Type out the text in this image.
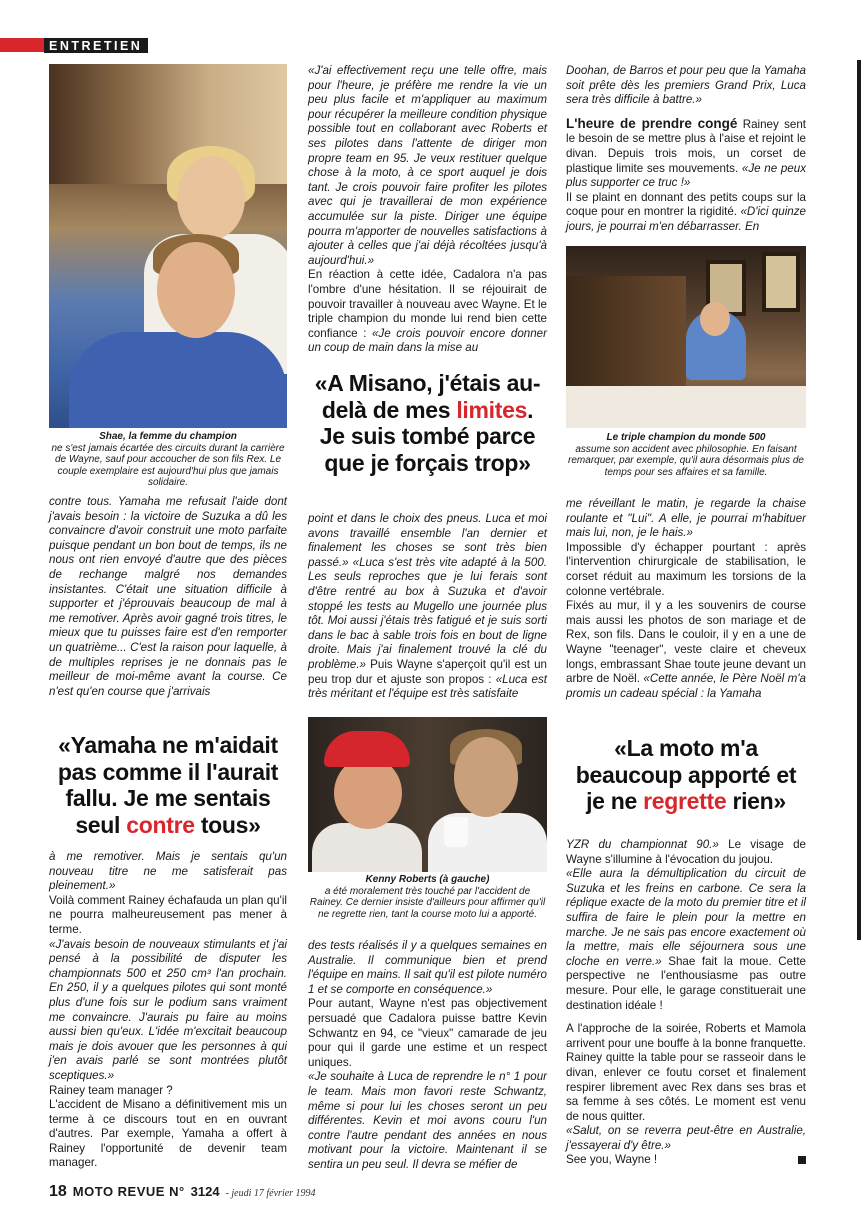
ENTRETIEN
Shae, la femme du champion
ne s'est jamais écartée des circuits durant la carrière de Wayne, sauf pour accoucher de son fils Rex. Le couple exemplaire est aujourd'hui plus que jamais solidaire.

contre tous. Yamaha me refusait l'aide dont j'avais besoin : la victoire de Suzuka a dû les convaincre d'avoir construit une moto parfaite puisque pendant un bon bout de temps, ils ne nous ont rien envoyé d'autre que des pièces de rechange malgré nos demandes insistantes. C'était une situation difficile à supporter et j'éprouvais beaucoup de mal à me remotiver. Après avoir gagné trois titres, le mieux que tu puisses faire est d'en remporter un quatrième... C'est la raison pour laquelle, à de multiples reprises je ne donnais pas le meilleur de moi-même avant la course. Ce n'est qu'en course que j'arrivais

«Yamaha ne m'aidait pas comme il l'aurait fallu. Je me sentais seul contre tous»

à me remotiver. Mais je sentais qu'un nouveau titre ne me satisferait pas pleinement.»

Voilà comment Rainey échafauda un plan qu'il ne pourra malheureusement pas mener à terme.

«J'avais besoin de nouveaux stimulants et j'ai pensé à la possibilité de disputer les championnats 500 et 250 cm³ l'an prochain. En 250, il y a quelques pilotes qui sont monté plus d'une fois sur le podium sans vraiment me convaincre. J'aurais pu faire au moins aussi bien qu'eux. L'idée m'excitait beaucoup mais je dois avouer que les personnes à qui j'en avais parlé se sont montrées plutôt sceptiques.»

Rainey team manager ?

L'accident de Misano a définitivement mis un terme à ce discours tout en en ouvrant d'autres. Par exemple, Yamaha a offert à Rainey l'opportunité de devenir team manager.

«J'ai effectivement reçu une telle offre, mais pour l'heure, je préfère me rendre la vie un peu plus facile et m'appliquer au maximum pour récupérer la meilleure condition physique possible tout en collaborant avec Roberts et ses pilotes dans l'attente de diriger mon propre team en 95. Je veux restituer quelque chose à la moto, à ce sport auquel je dois tant. Je crois pouvoir faire profiter les pilotes avec qui je travaillerai de mon expérience accumulée sur la piste. Diriger une équipe pourra m'apporter de nouvelles satisfactions à ajouter à celles que j'ai déjà récoltées jusqu'à aujourd'hui.»

En réaction à cette idée, Cadalora n'a pas l'ombre d'une hésitation. Il se réjouirait de pouvoir travailler à nouveau avec Wayne. Et le triple champion du monde lui rend bien cette confiance : «Je crois pouvoir encore donner un coup de main dans la mise au

«A Misano, j'étais au-delà de mes limites. Je suis tombé parce que je forçais trop»

point et dans le choix des pneus. Luca et moi avons travaillé ensemble l'an dernier et finalement les choses se sont très bien passé.» «Luca s'est très vite adapté à la 500. Les seuls reproches que je lui ferais sont d'être rentré au box à Suzuka et d'avoir stoppé les tests au Mugello une journée plus tôt. Moi aussi j'étais très fatigué et je suis sorti dans le bac à sable trois fois en bout de ligne droite. Mais j'ai finalement trouvé la clé du problème.» Puis Wayne s'aperçoit qu'il est un peu trop dur et ajuste son propos : «Luca est très méritant et l'équipe est très satisfaite

Kenny Roberts (à gauche)
a été moralement très touché par l'accident de Rainey. Ce dernier insiste d'ailleurs pour affirmer qu'il ne regrette rien, tant la course moto lui a apporté.

des tests réalisés il y a quelques semaines en Australie. Il communique bien et prend l'équipe en mains. Il sait qu'il est pilote numéro 1 et se comporte en conséquence.»

Pour autant, Wayne n'est pas objectivement persuadé que Cadalora puisse battre Kevin Schwantz en 94, ce "vieux" camarade de jeu pour qui il garde une estime et un respect uniques.

«Je souhaite à Luca de reprendre le n° 1 pour le team. Mais mon favori reste Schwantz, même si pour lui les choses seront un peu différentes. Kevin et moi avons couru l'un contre l'autre pendant des années en nous motivant pour la victoire. Maintenant il se sentira un peu seul. Il devra se méfier de

Doohan, de Barros et pour peu que la Yamaha soit prête dès les premiers Grand Prix, Luca sera très difficile à battre.»

L'heure de prendre congé Rainey sent le besoin de se mettre plus à l'aise et rejoint le divan. Depuis trois mois, un corset de plastique limite ses mouvements. «Je ne peux plus supporter ce truc !»

Il se plaint en donnant des petits coups sur la coque pour en montrer la rigidité. «D'ici quinze jours, je pourrai m'en débarrasser. En

Le triple champion du monde 500
assume son accident avec philosophie. En faisant remarquer, par exemple, qu'il aura désormais plus de temps pour ses affaires et sa famille.

me réveillant le matin, je regarde la chaise roulante et "Lui". A elle, je pourrai m'habituer mais lui, non, je le hais.»

Impossible d'y échapper pourtant : après l'intervention chirurgicale de stabilisation, le corset réduit au maximum les torsions de la colonne vertébrale.

Fixés au mur, il y a les souvenirs de course mais aussi les photos de son mariage et de Rex, son fils. Dans le couloir, il y en a une de Wayne "teenager", veste claire et cheveux longs, embrassant Shae toute jeune devant un arbre de Noël. «Cette année, le Père Noël m'a promis un cadeau spécial : la Yamaha

«La moto m'a beaucoup apporté et je ne regrette rien»

YZR du championnat 90.» Le visage de Wayne s'illumine à l'évocation du joujou.

«Elle aura la démultiplication du circuit de Suzuka et les freins en carbone. Ce sera la réplique exacte de la moto du premier titre et il suffira de faire le plein pour la mettre en marche. Je ne sais pas encore exactement où la mettre, mais elle séjournera sous une cloche en verre.» Shae fait la moue. Cette perspective ne l'enthousiasme pas outre mesure. Pour elle, le garage constituerait une destination idéale !

A l'approche de la soirée, Roberts et Mamola arrivent pour une bouffe à la bonne franquette. Rainey quitte la table pour se rasseoir dans le divan, enlever ce foutu corset et finalement respirer librement avec Rex dans ses bras et sa femme à ses côtés. Le moment est venu de nous quitter.

«Salut, on se reverra peut-être en Australie, j'essayerai d'y être.»

See you, Wayne !

18 MOTO REVUE N° 3124 - jeudi 17 février 1994
